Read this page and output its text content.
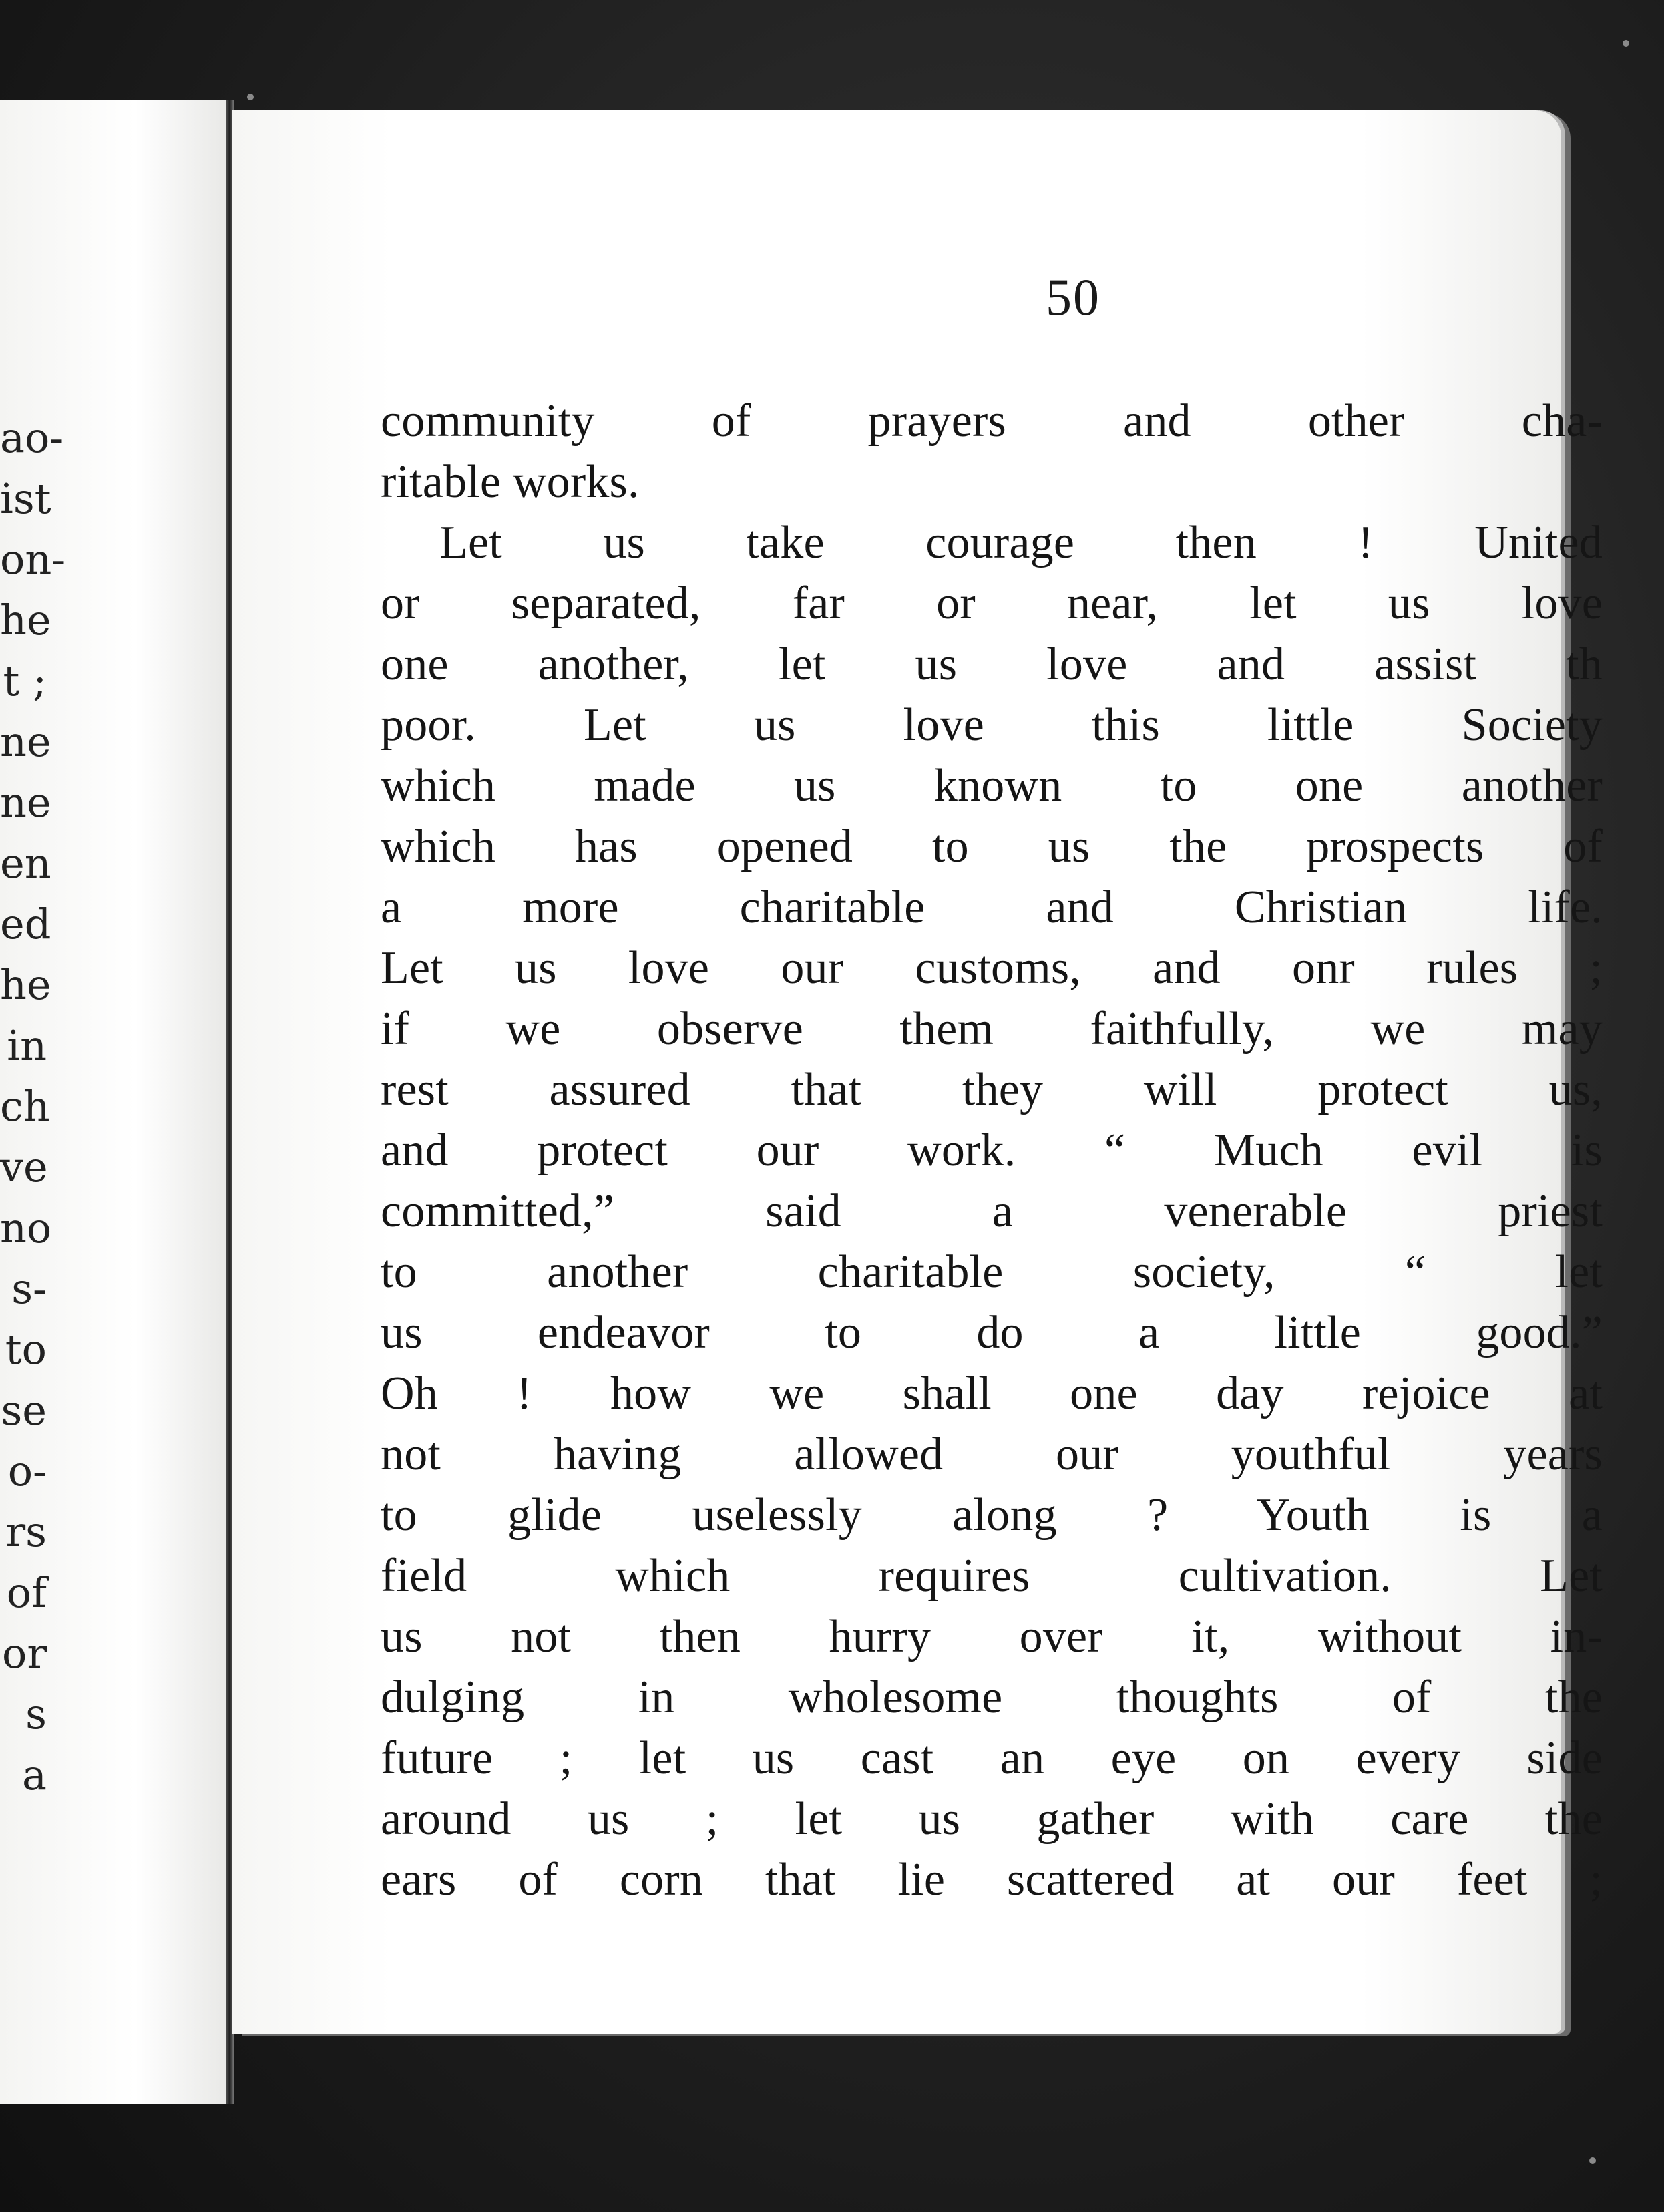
ao-
ist
on-
he
t ;
ne
ne
en
ed
he
in
ch
ve
no
s-
to
se
o-
rs
of
or
s
a
50
community of prayers and other cha-
ritable works.
Let us take courage then ! United
or separated, far or near, let us love
one another, let us love and assist th
poor. Let us love this little Society
which made us known to one another
which has opened to us the prospects of
a more charitable and Christian life.
Let us love our customs, and onr rules ;
if we observe them faithfully, we may
rest assured that they will protect us,
and protect our work. “ Much evil is
committed,” said a venerable priest
to another charitable society, “ let
us endeavor to do a little good.”
Oh ! how we shall one day rejoice at
not having allowed our youthful years
to glide uselessly along ? Youth is a
field which requires cultivation. Let
us not then hurry over it, without in-
dulging in wholesome thoughts of the
future ; let us cast an eye on every side
around us ; let us gather with care the
ears of corn that lie scattered at our feet ;
